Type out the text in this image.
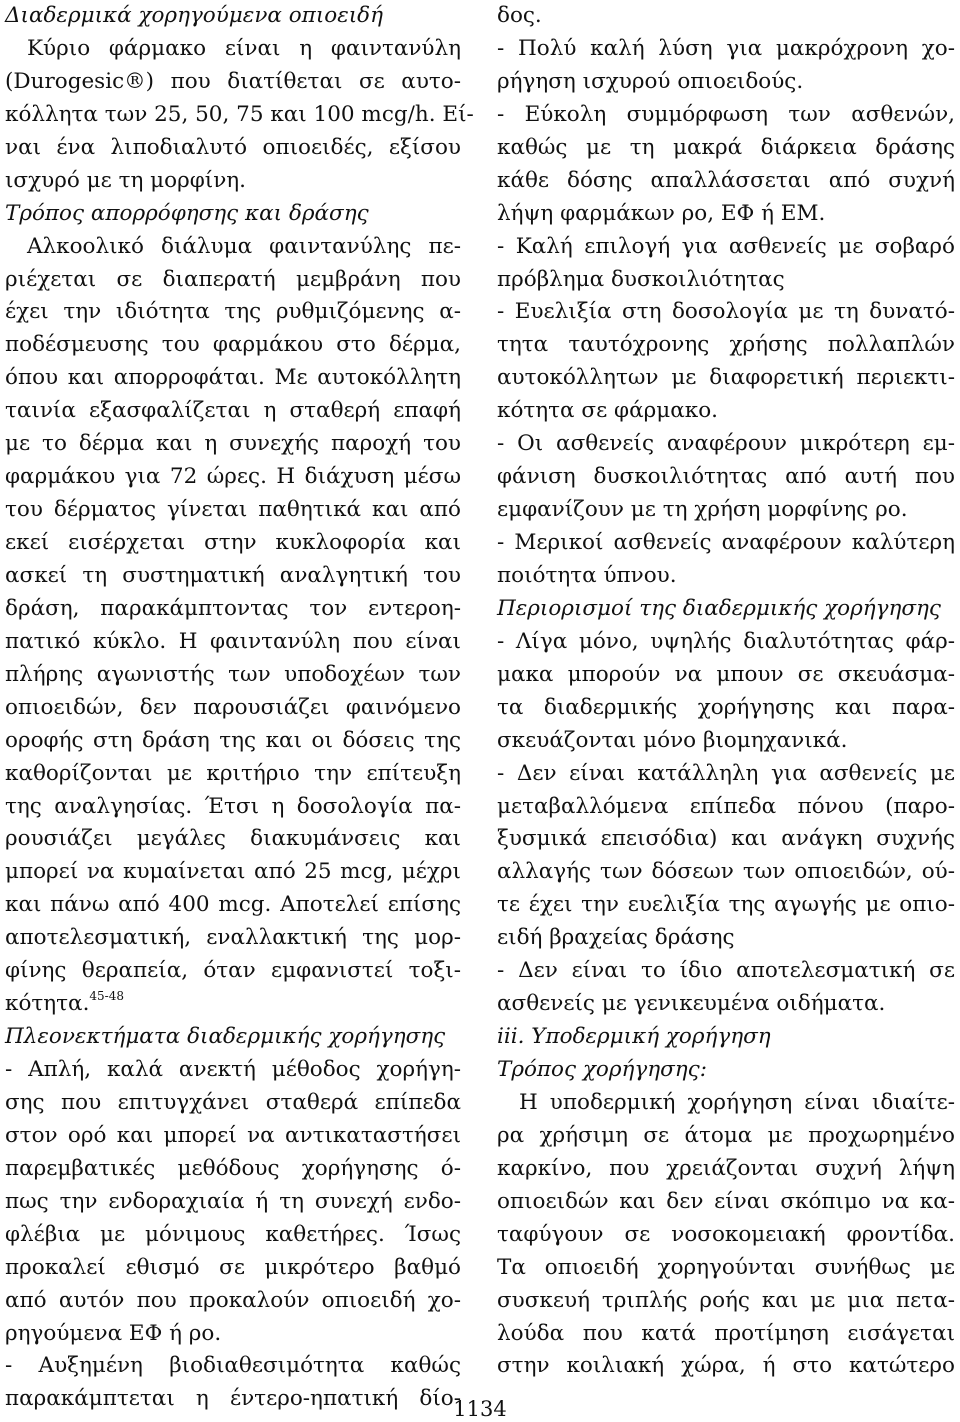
Διαδερμικά χορηγούμενα οπιοειδή
Κύριο φάρμακο είναι η φαιντανύλη
(Durogesic®) που διατίθεται σε αυτο-
κόλλητα των 25, 50, 75 και 100 mcg/h. Εί-
ναι ένα λιποδιαλυτό οπιοειδές, εξίσου
ισχυρό με τη μορφίνη.
Τρόπος απορρόφησης και δράσης
Αλκοολικό διάλυμα φαιντανύλης πε-
ριέχεται σε διαπερατή μεμβράνη που
έχει την ιδιότητα της ρυθμιζόμενης α-
ποδέσμευσης του φαρμάκου στο δέρμα,
όπου και απορροφάται. Με αυτοκόλλητη
ταινία εξασφαλίζεται η σταθερή επαφή
με το δέρμα και η συνεχής παροχή του
φαρμάκου για 72 ώρες. Η διάχυση μέσω
του δέρματος γίνεται παθητικά και από
εκεί εισέρχεται στην κυκλοφορία και
ασκεί τη συστηματική αναλγητική του
δράση, παρακάμπτοντας τον εντεροη-
πατικό κύκλο. Η φαιντανύλη που είναι
πλήρης αγωνιστής των υποδοχέων των
οπιοειδών, δεν παρουσιάζει φαινόμενο
οροφής στη δράση της και οι δόσεις της
καθορίζονται με κριτήριο την επίτευξη
της αναλγησίας. Έτσι η δοσολογία πα-
ρουσιάζει μεγάλες διακυμάνσεις και
μπορεί να κυμαίνεται από 25 mcg, μέχρι
και πάνω από 400 mcg. Αποτελεί επίσης
αποτελεσματική, εναλλακτική της μορ-
φίνης θεραπεία, όταν εμφανιστεί τοξι-
κότητα.$^{45-48}$
Πλεονεκτήματα διαδερμικής χορήγησης
- Απλή, καλά ανεκτή μέθοδος χορήγη-
σης που επιτυγχάνει σταθερά επίπεδα
στον ορό και μπορεί να αντικαταστήσει
παρεμβατικές μεθόδους χορήγησης ό-
πως την ενδοραχιαία ή τη συνεχή ενδο-
φλέβια με μόνιμους καθετήρες. Ίσως
προκαλεί εθισμό σε μικρότερο βαθμό
από αυτόν που προκαλούν οπιοειδή χο-
ρηγούμενα ΕΦ ή ρο.
- Αυξημένη βιοδιαθεσιμότητα καθώς
παρακάμπτεται η έντερο-ηπατική δίο-
δος.
- Πολύ καλή λύση για μακρόχρονη χο-
ρήγηση ισχυρού οπιοειδούς.
- Εύκολη συμμόρφωση των ασθενών,
καθώς με τη μακρά διάρκεια δράσης
κάθε δόσης απαλλάσσεται από συχνή
λήψη φαρμάκων ρο, ΕΦ ή ΕΜ.
- Καλή επιλογή για ασθενείς με σοβαρό
πρόβλημα δυσκοιλιότητας
- Ευελιξία στη δοσολογία με τη δυνατό-
τητα ταυτόχρονης χρήσης πολλαπλών
αυτοκόλλητων με διαφορετική περιεκτι-
κότητα σε φάρμακο.
- Οι ασθενείς αναφέρουν μικρότερη εμ-
φάνιση δυσκοιλιότητας από αυτή που
εμφανίζουν με τη χρήση μορφίνης ρο.
- Μερικοί ασθενείς αναφέρουν καλύτερη
ποιότητα ύπνου.
Περιορισμοί της διαδερμικής χορήγησης
- Λίγα μόνο, υψηλής διαλυτότητας φάρ-
μακα μπορούν να μπουν σε σκευάσμα-
τα διαδερμικής χορήγησης και παρα-
σκευάζονται μόνο βιομηχανικά.
- Δεν είναι κατάλληλη για ασθενείς με
μεταβαλλόμενα επίπεδα πόνου (παρο-
ξυσμικά επεισόδια) και ανάγκη συχνής
αλλαγής των δόσεων των οπιοειδών, ού-
τε έχει την ευελιξία της αγωγής με οπιο-
ειδή βραχείας δράσης
- Δεν είναι το ίδιο αποτελεσματική σε
ασθενείς με γενικευμένα οιδήματα.
iii. Υποδερμική χορήγηση
Τρόπος χορήγησης:
Η υποδερμική χορήγηση είναι ιδιαίτε-
ρα χρήσιμη σε άτομα με προχωρημένο
καρκίνο, που χρειάζονται συχνή λήψη
οπιοειδών και δεν είναι σκόπιμο να κα-
ταφύγουν σε νοσοκομειακή φροντίδα.
Τα οπιοειδή χορηγούνται συνήθως με
συσκευή τριπλής ροής και με μια πετα-
λούδα που κατά προτίμηση εισάγεται
στην κοιλιακή χώρα, ή στο κατώτερο
1134
